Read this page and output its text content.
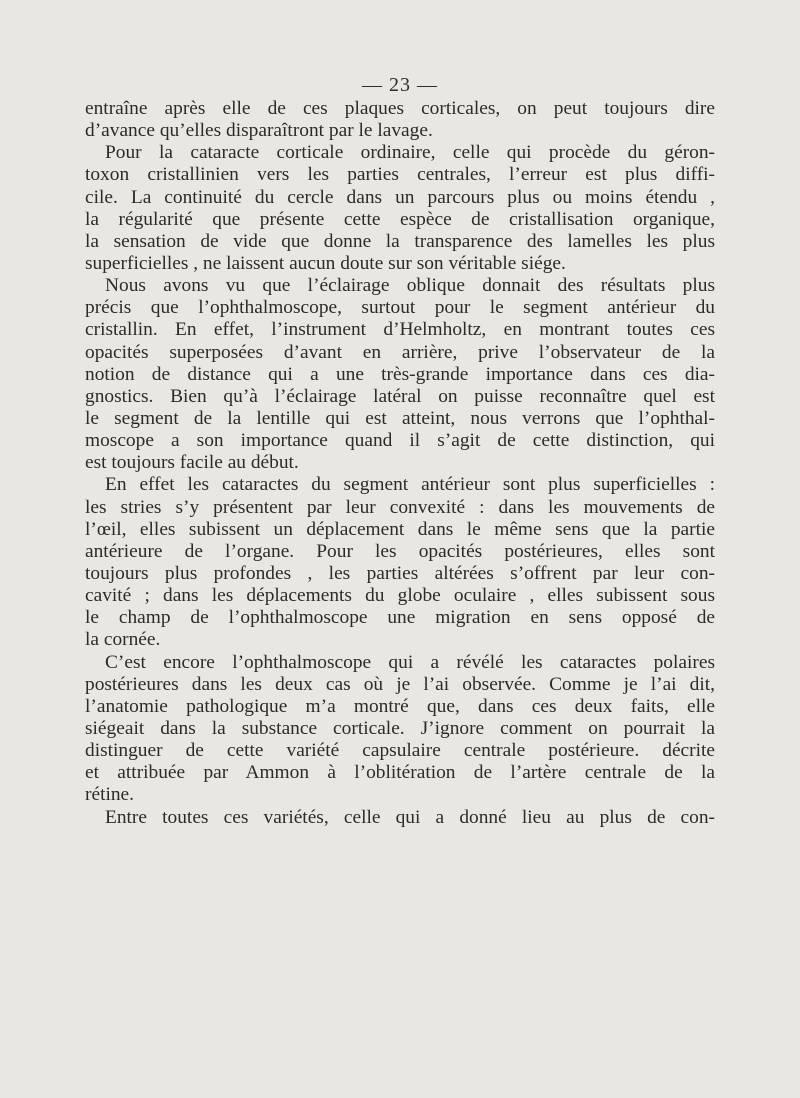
— 23 —
entraîne après elle de ces plaques corticales, on peut toujours dire
d’avance qu’elles disparaîtront par le lavage.
Pour la cataracte corticale ordinaire, celle qui procède du géron-
toxon cristallinien vers les parties centrales, l’erreur est plus diffi-
cile. La continuité du cercle dans un parcours plus ou moins étendu ,
la régularité que présente cette espèce de cristallisation organique,
la sensation de vide que donne la transparence des lamelles les plus
superficielles , ne laissent aucun doute sur son véritable siége.
Nous avons vu que l’éclairage oblique donnait des résultats plus
précis que l’ophthalmoscope, surtout pour le segment antérieur du
cristallin. En effet, l’instrument d’Helmholtz, en montrant toutes ces
opacités superposées d’avant en arrière, prive l’observateur de la
notion de distance qui a une très-grande importance dans ces dia-
gnostics. Bien qu’à l’éclairage latéral on puisse reconnaître quel est
le segment de la lentille qui est atteint, nous verrons que l’ophthal-
moscope a son importance quand il s’agit de cette distinction, qui
est toujours facile au début.
En effet les cataractes du segment antérieur sont plus superficielles :
les stries s’y présentent par leur convexité : dans les mouvements de
l’œil, elles subissent un déplacement dans le même sens que la partie
antérieure de l’organe. Pour les opacités postérieures, elles sont
toujours plus profondes , les parties altérées s’offrent par leur con-
cavité ; dans les déplacements du globe oculaire , elles subissent sous
le champ de l’ophthalmoscope une migration en sens opposé de
la cornée.
C’est encore l’ophthalmoscope qui a révélé les cataractes polaires
postérieures dans les deux cas où je l’ai observée. Comme je l’ai dit,
l’anatomie pathologique m’a montré que, dans ces deux faits, elle
siégeait dans la substance corticale. J’ignore comment on pourrait la
distinguer de cette variété capsulaire centrale postérieure. décrite
et attribuée par Ammon à l’oblitération de l’artère centrale de la
rétine.
Entre toutes ces variétés, celle qui a donné lieu au plus de con-
